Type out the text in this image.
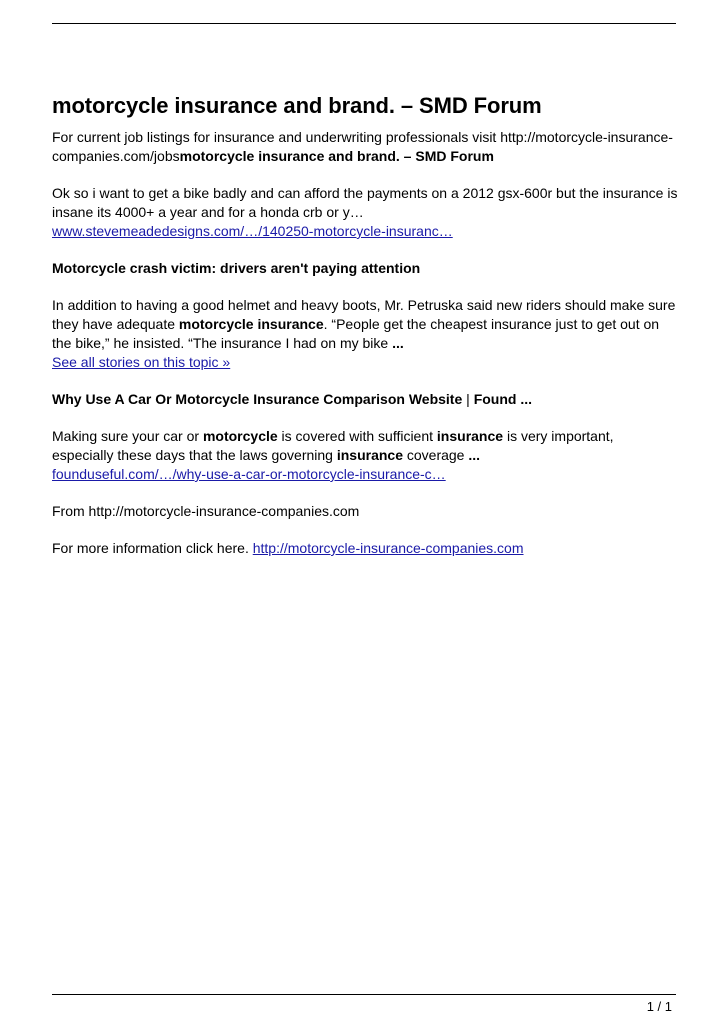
motorcycle insurance and brand. – SMD Forum

For current job listings for insurance and underwriting professionals visit http://motorcycle-insurance-companies.com/jobsmotorcycle insurance and brand. – SMD Forum

Ok so i want to get a bike badly and can afford the payments on a 2012 gsx-600r but the insurance is insane its 4000+ a year and for a honda crb or y…
www.stevemeadedesigns.com/…/140250-motorcycle-insuranc…

Motorcycle crash victim: drivers aren't paying attention

In addition to having a good helmet and heavy boots, Mr. Petruska said new riders should make sure they have adequate motorcycle insurance. “People get the cheapest insurance just to get out on the bike,” he insisted. “The insurance I had on my bike ...
See all stories on this topic »

Why Use A Car Or Motorcycle Insurance Comparison Website | Found ...

Making sure your car or motorcycle is covered with sufficient insurance is very important, especially these days that the laws governing insurance coverage ...
founduseful.com/…/why-use-a-car-or-motorcycle-insurance-c…

From http://motorcycle-insurance-companies.com

For more information click here. http://motorcycle-insurance-companies.com

1 / 1
